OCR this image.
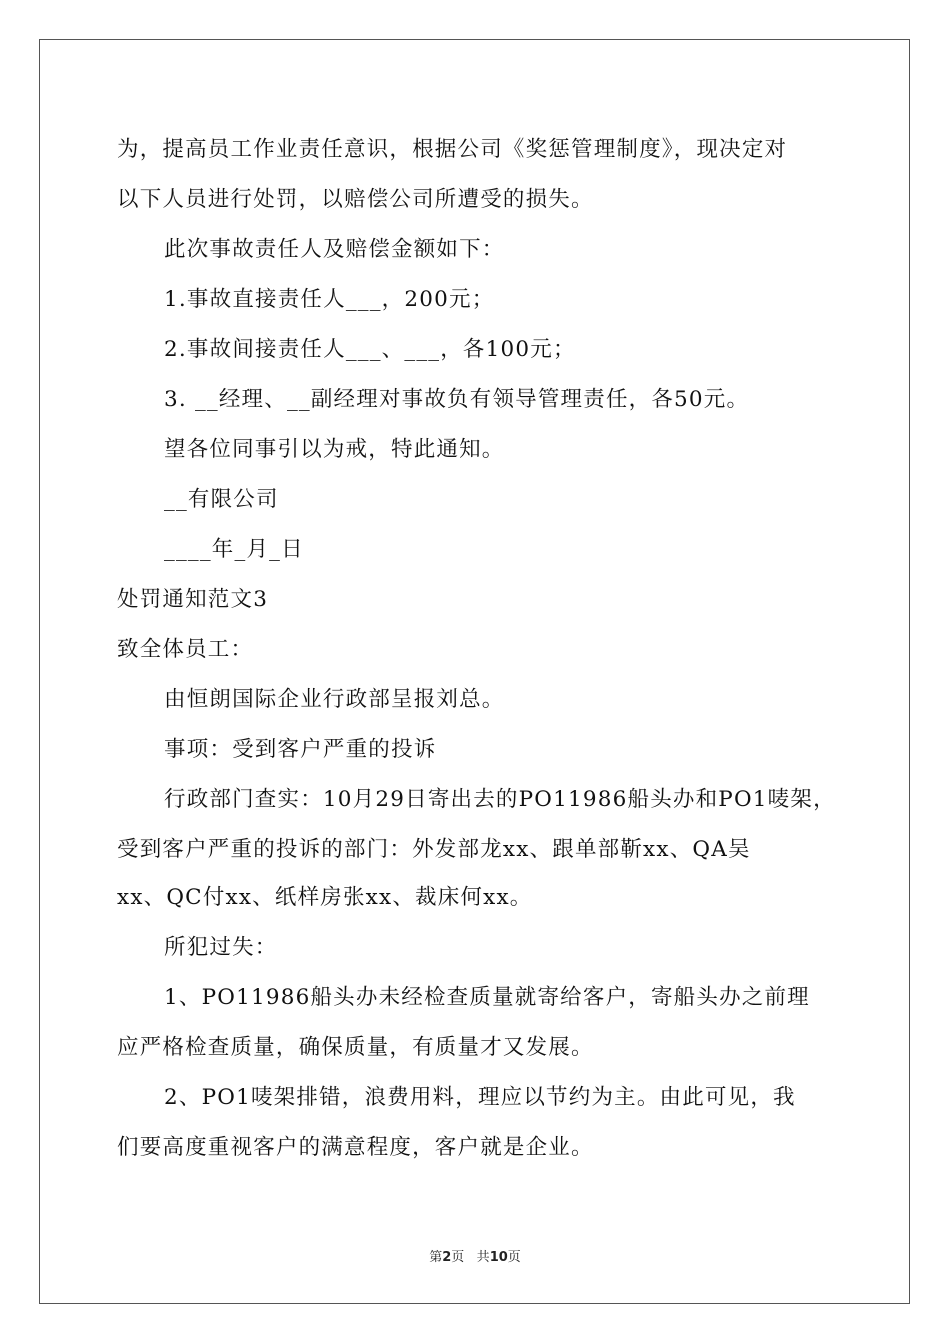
为，提高员工作业责任意识，根据公司《奖惩管理制度》，现决定对
以下人员进行处罚，以赔偿公司所遭受的损失。
此次事故责任人及赔偿金额如下：
1.事故直接责任人___，200元；
2.事故间接责任人___、___，各100元；
3. __经理、__副经理对事故负有领导管理责任，各50元。
望各位同事引以为戒，特此通知。
__有限公司
____年_月_日
处罚通知范文3
致全体员工：
由恒朗国际企业行政部呈报刘总。
事项：受到客户严重的投诉
行政部门查实：10月29日寄出去的PO11986船头办和PO1唛架，
受到客户严重的投诉的部门：外发部龙xx、跟单部靳xx、QA吴
xx、QC付xx、纸样房张xx、裁床何xx。
所犯过失：
1、PO11986船头办未经检查质量就寄给客户，寄船头办之前理
应严格检查质量，确保质量，有质量才又发展。
2、PO1唛架排错，浪费用料，理应以节约为主。由此可见，我
们要高度重视客户的满意程度，客户就是企业。
第2页 共10页
